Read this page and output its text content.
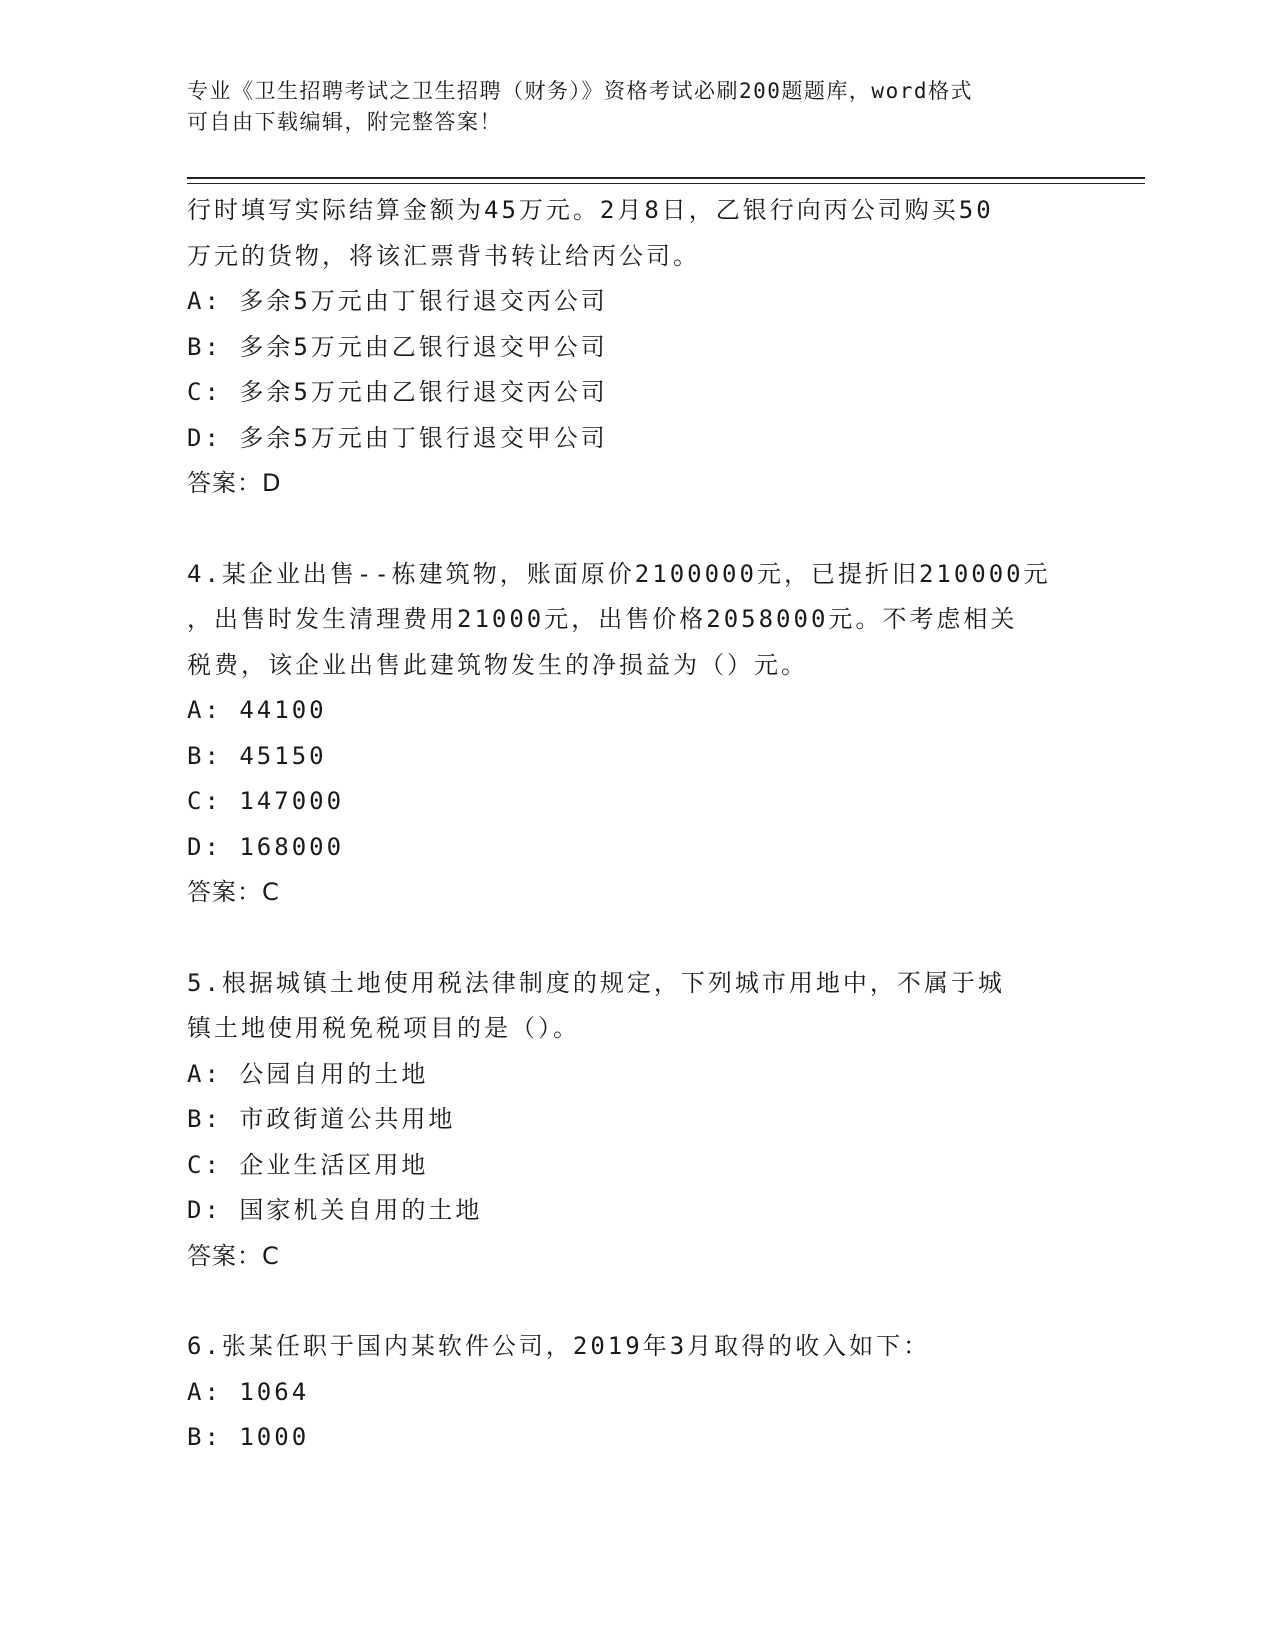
专业《卫生招聘考试之卫生招聘（财务）》资格考试必刷200题题库，word格式
可自由下载编辑，附完整答案！
行时填写实际结算金额为45万元。2月8日，乙银行向丙公司购买50
万元的货物，将该汇票背书转让给丙公司。
A: 多余5万元由丁银行退交丙公司
B: 多余5万元由乙银行退交甲公司
C: 多余5万元由乙银行退交丙公司
D: 多余5万元由丁银行退交甲公司
答案：D
4.某企业出售--栋建筑物，账面原价2100000元，已提折旧210000元
，出售时发生清理费用21000元，出售价格2058000元。不考虑相关
税费，该企业出售此建筑物发生的净损益为（）元。
A: 44100
B: 45150
C: 147000
D: 168000
答案：C
5.根据城镇土地使用税法律制度的规定，下列城市用地中，不属于城
镇土地使用税免税项目的是（）。
A: 公园自用的土地
B: 市政街道公共用地
C: 企业生活区用地
D: 国家机关自用的土地
答案：C
6.张某任职于国内某软件公司，2019年3月取得的收入如下：
A: 1064
B: 1000
